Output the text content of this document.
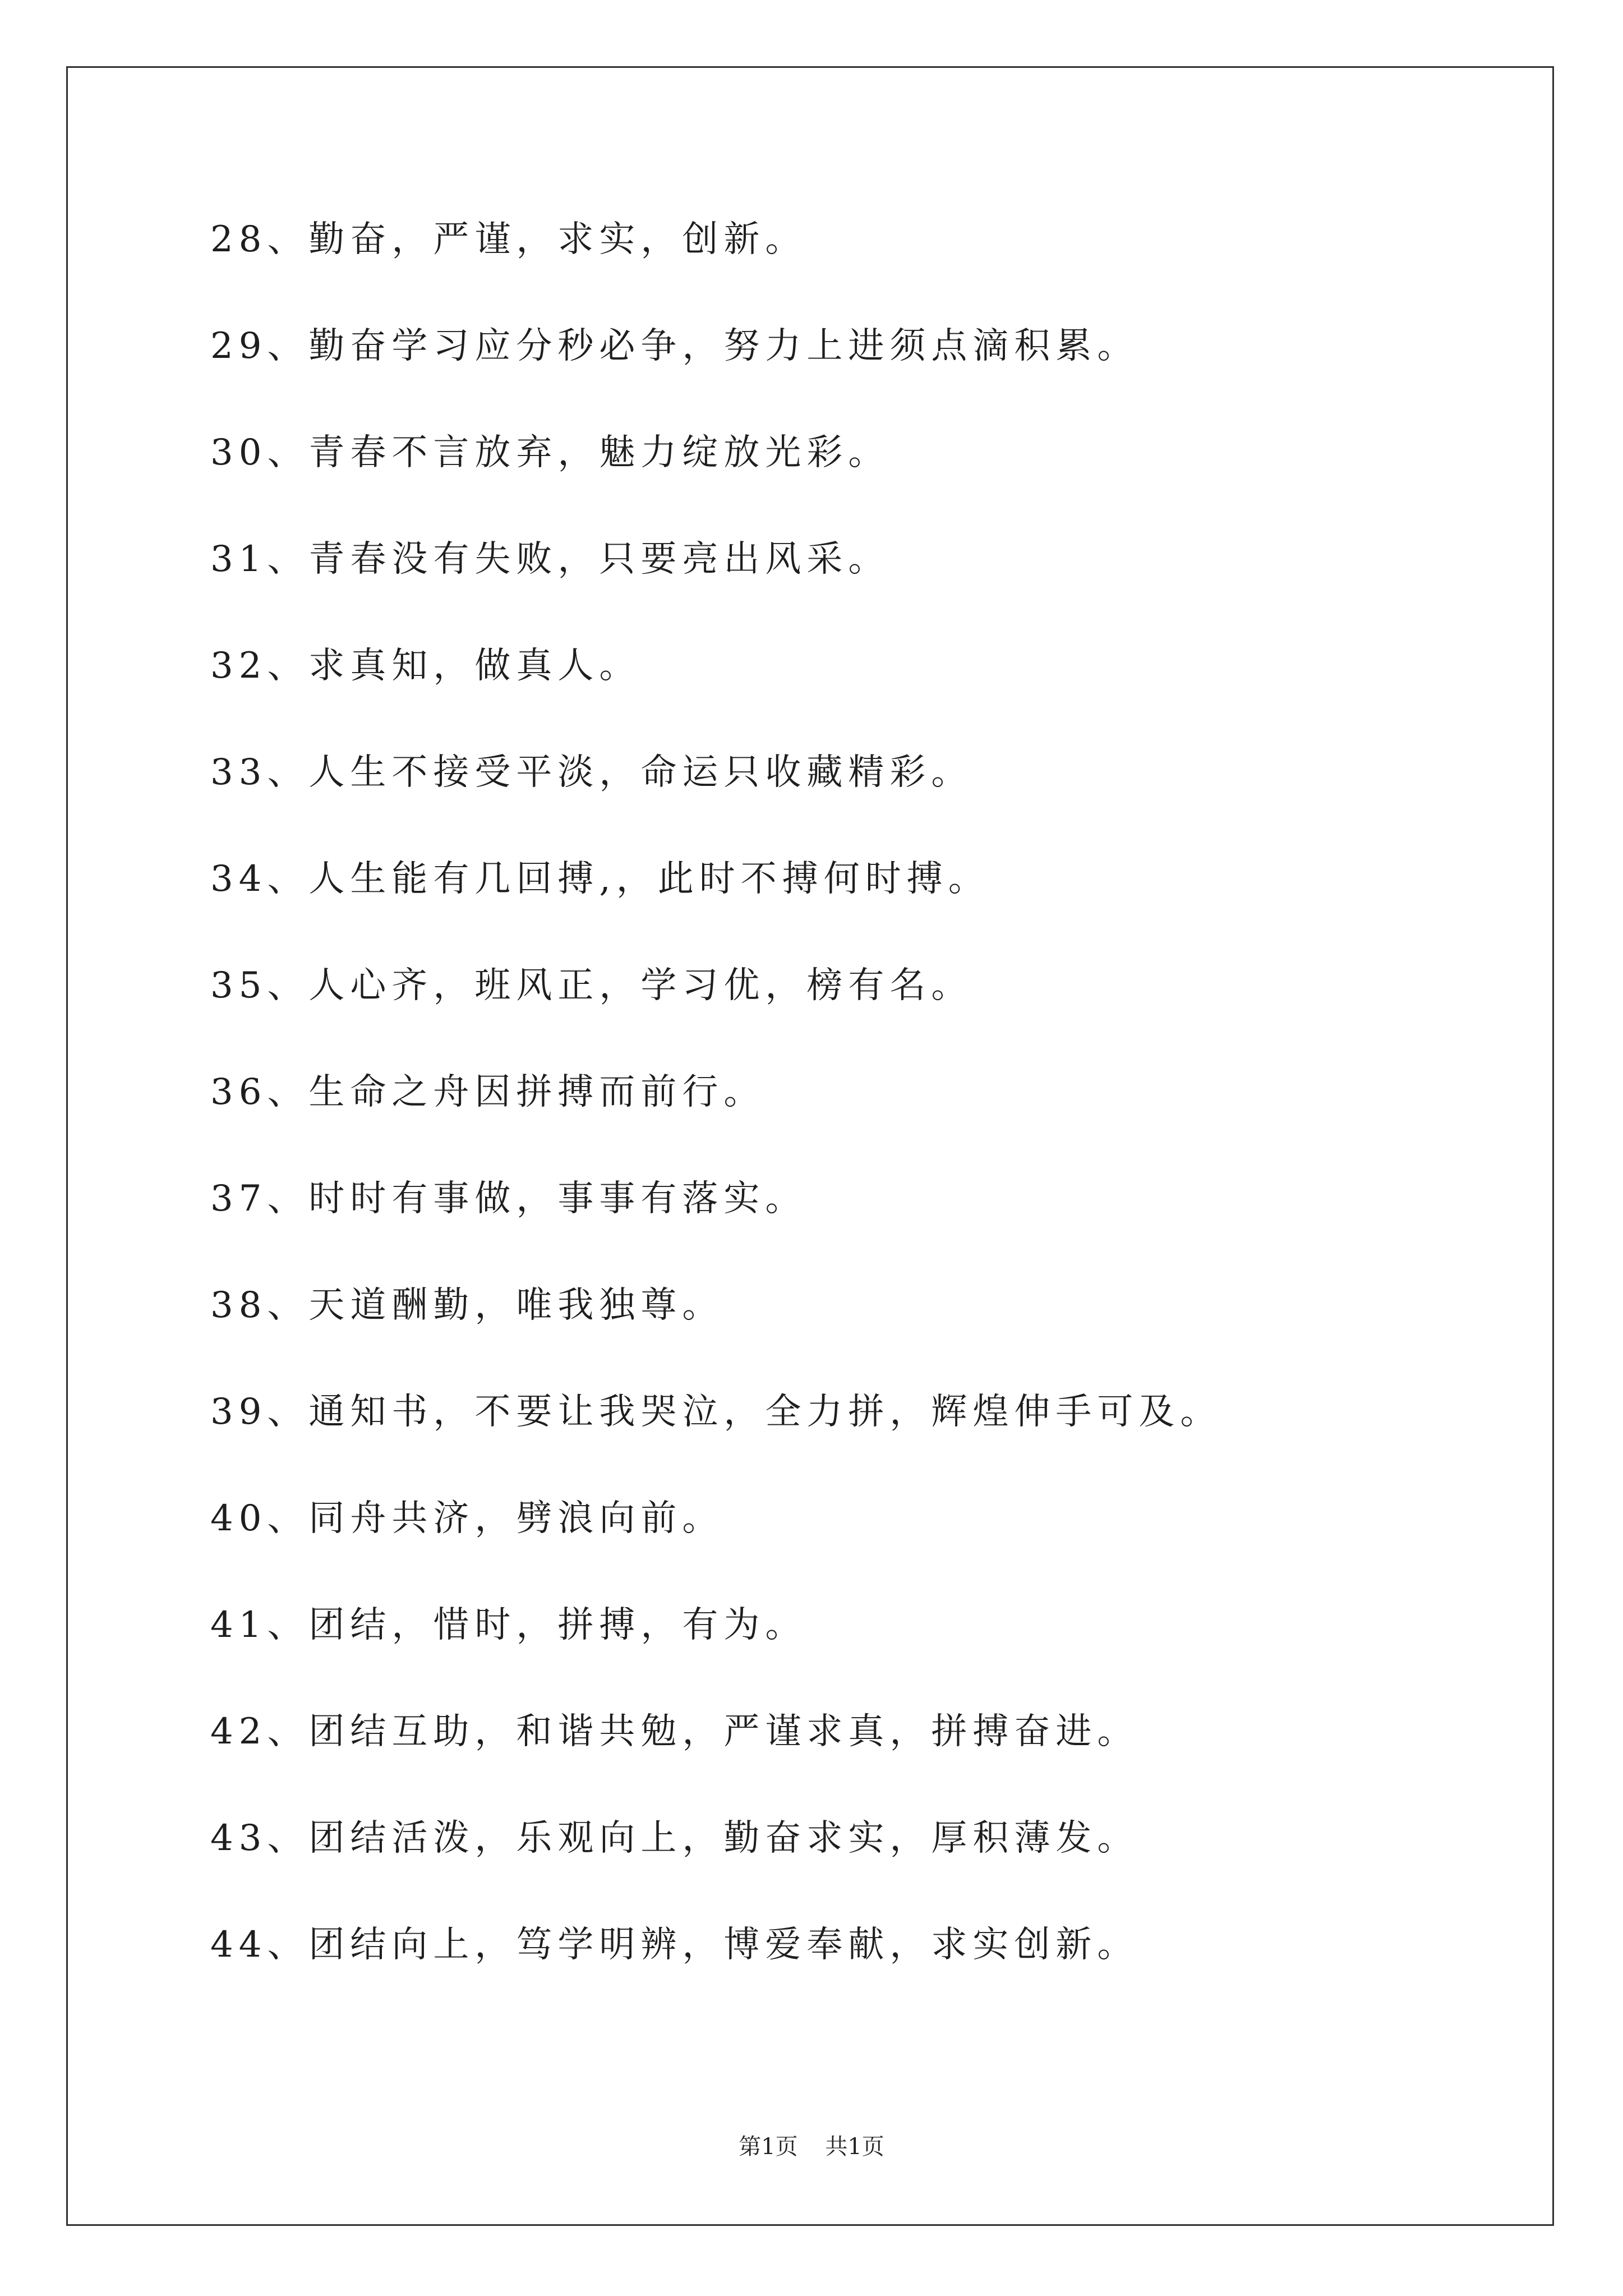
28、勤奋，严谨，求实，创新。
29、勤奋学习应分秒必争，努力上进须点滴积累。
30、青春不言放弃，魅力绽放光彩。
31、青春没有失败，只要亮出风采。
32、求真知，做真人。
33、人生不接受平淡，命运只收藏精彩。
34、人生能有几回搏,，此时不搏何时搏。
35、人心齐，班风正，学习优，榜有名。
36、生命之舟因拼搏而前行。
37、时时有事做，事事有落实。
38、天道酬勤，唯我独尊。
39、通知书，不要让我哭泣，全力拼，辉煌伸手可及。
40、同舟共济，劈浪向前。
41、团结，惜时，拼搏，有为。
42、团结互助，和谐共勉，严谨求真，拼搏奋进。
43、团结活泼，乐观向上，勤奋求实，厚积薄发。
44、团结向上，笃学明辨，博爱奉献，求实创新。
第1页 共1页
